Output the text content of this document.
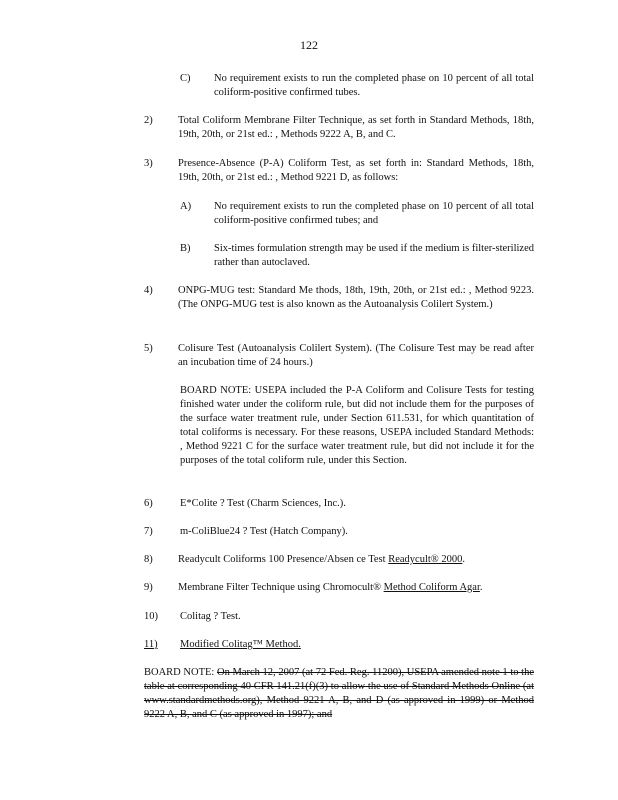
122
C) No requirement exists to run the completed phase on 10 percent of all total coliform-positive confirmed tubes.
2) Total Coliform Membrane Filter Technique, as set forth in Standard Methods, 18th, 19th, 20th, or 21st ed.: , Methods 9222 A, B, and C.
3) Presence-Absence (P-A) Coliform Test, as set forth in: Standard Methods, 18th, 19th, 20th, or 21st ed.: , Method 9221 D, as follows:
A) No requirement exists to run the completed phase on 10 percent of all total coliform-positive confirmed tubes; and
B) Six-times formulation strength may be used if the medium is filter-sterilized rather than autoclaved.
4) ONPG-MUG test: Standard Me thods, 18th, 19th, 20th, or 21st ed.: , Method 9223. (The ONPG-MUG test is also known as the Autoanalysis Colilert System.)
5) Colisure Test (Autoanalysis Colilert System). (The Colisure Test may be read after an incubation time of 24 hours.)
BOARD NOTE: USEPA included the P-A Coliform and Colisure Tests for testing finished water under the coliform rule, but did not include them for the purposes of the surface water treatment rule, under Section 611.531, for which quantitation of total coliforms is necessary. For these reasons, USEPA included Standard Methods: , Method 9221 C for the surface water treatment rule, but did not include it for the purposes of the total coliform rule, under this Section.
6)	E*Colite ? Test (Charm Sciences, Inc.).
7)	m-ColiBlue24 ? Test (Hatch Company).
8) Readycult Coliforms 100 Presence/Absen ce Test Readycult® 2000.
9) Membrane Filter Technique using Chromocult® Method Coliform Agar.
10) Colitag ? Test.
11)	Modified Colitag™ Method.
BOARD NOTE: On March 12, 2007 (at 72 Fed. Reg. 11200), USEPA amended note 1 to the table at corresponding 40 CFR 141.21(f)(3) to allow the use of Standard Methods Online (at www.standardmethods.org), Method 9221 A, B, and D (as approved in 1999) or Method 9222 A, B, and C (as approved in 1997); and
